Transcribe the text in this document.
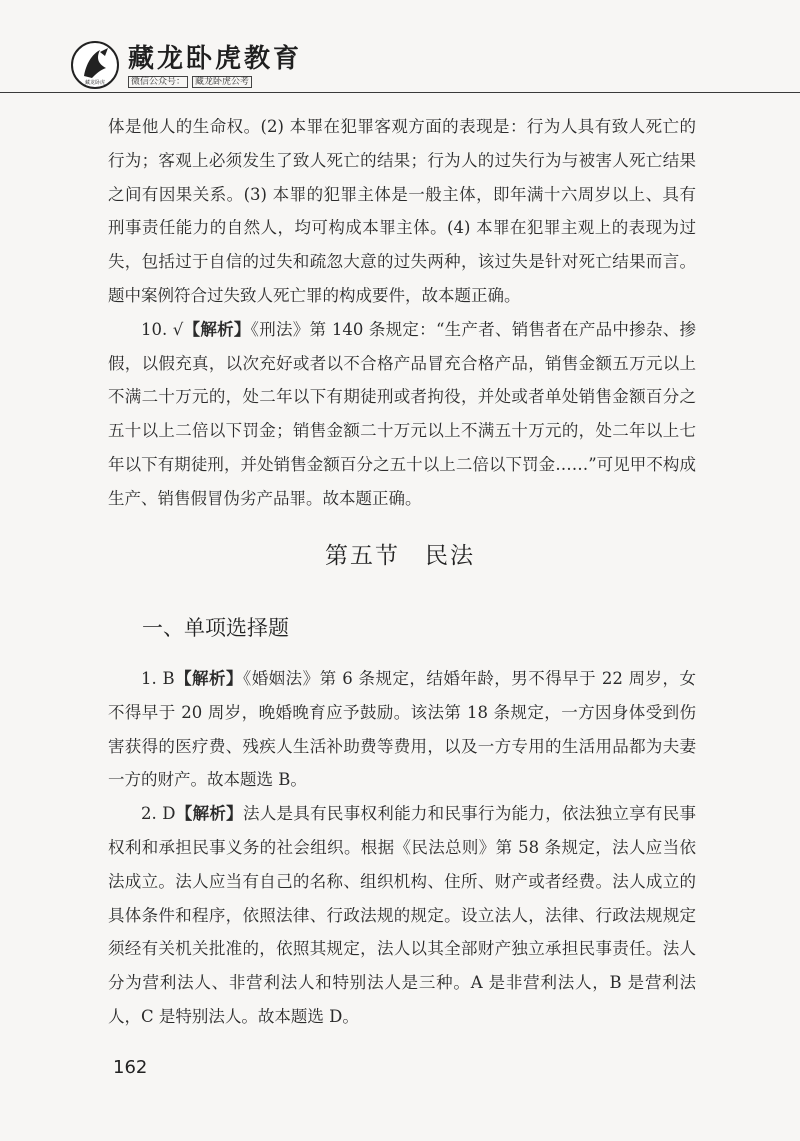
藏龙卧虎
藏龙卧虎教育
微信公众号： 藏龙卧虎公考

体是他人的生命权。(2) 本罪在犯罪客观方面的表现是：行为人具有致人死亡的行为；客观上必须发生了致人死亡的结果；行为人的过失行为与被害人死亡结果之间有因果关系。(3) 本罪的犯罪主体是一般主体，即年满十六周岁以上、具有刑事责任能力的自然人，均可构成本罪主体。(4) 本罪在犯罪主观上的表现为过失，包括过于自信的过失和疏忽大意的过失两种，该过失是针对死亡结果而言。题中案例符合过失致人死亡罪的构成要件，故本题正确。

10. √【解析】《刑法》第 140 条规定：“生产者、销售者在产品中掺杂、掺假，以假充真，以次充好或者以不合格产品冒充合格产品，销售金额五万元以上不满二十万元的，处二年以下有期徒刑或者拘役，并处或者单处销售金额百分之五十以上二倍以下罚金；销售金额二十万元以上不满五十万元的，处二年以上七年以下有期徒刑，并处销售金额百分之五十以上二倍以下罚金……”可见甲不构成生产、销售假冒伪劣产品罪。故本题正确。

第五节　民法
一、单项选择题

1. B【解析】《婚姻法》第 6 条规定，结婚年龄，男不得早于 22 周岁，女不得早于 20 周岁，晚婚晚育应予鼓励。该法第 18 条规定，一方因身体受到伤害获得的医疗费、残疾人生活补助费等费用，以及一方专用的生活用品都为夫妻一方的财产。故本题选 B。

2. D【解析】法人是具有民事权利能力和民事行为能力，依法独立享有民事权利和承担民事义务的社会组织。根据《民法总则》第 58 条规定，法人应当依法成立。法人应当有自己的名称、组织机构、住所、财产或者经费。法人成立的具体条件和程序，依照法律、行政法规的规定。设立法人，法律、行政法规规定须经有关机关批准的，依照其规定，法人以其全部财产独立承担民事责任。法人分为营利法人、非营利法人和特别法人是三种。A 是非营利法人，B 是营利法人，C 是特别法人。故本题选 D。

162
